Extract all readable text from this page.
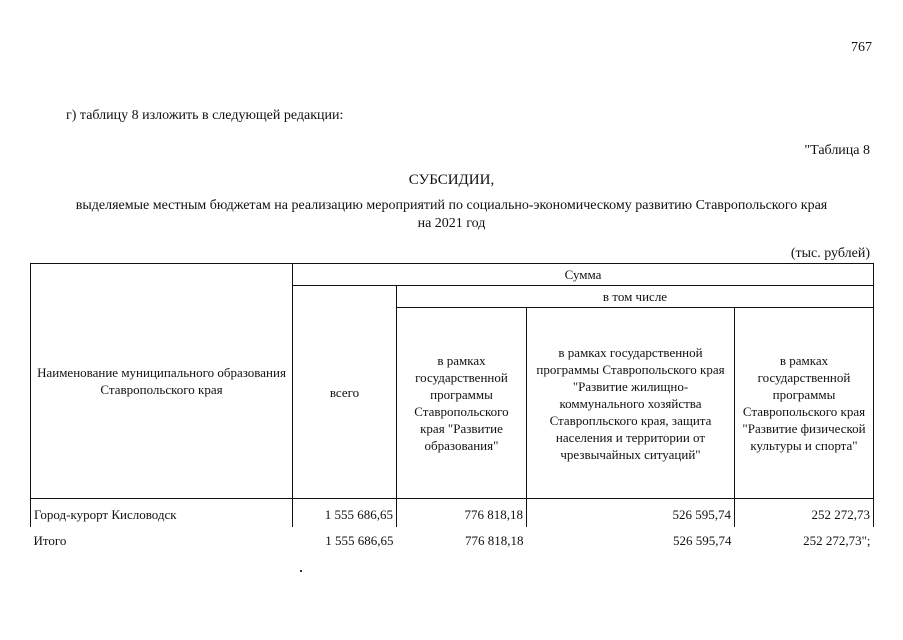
767
г) таблицу 8 изложить в следующей редакции:
"Таблица 8
СУБСИДИИ,
выделяемые местным бюджетам на реализацию мероприятий по социально-экономическому развитию Ставропольского края
на 2021 год
(тыс. рублей)
Наименование муниципального образования Ставропольского края	Сумма			
	всего	в том числе		
		в рамках государственной программы Ставропольского края "Развитие образования"	в рамках государственной программы Ставропольского края "Развитие жилищно-коммунального хозяйства Ставропльского края, защита населения и территории от чрезвычайных ситуаций"	в рамках государственной программы Ставропольского края "Развитие физической культуры и спорта"
Город-курорт Кисловодск	1 555 686,65	776 818,18	526 595,74	252 272,73
Итого	1 555 686,65	776 818,18	526 595,74	252 272,73";
